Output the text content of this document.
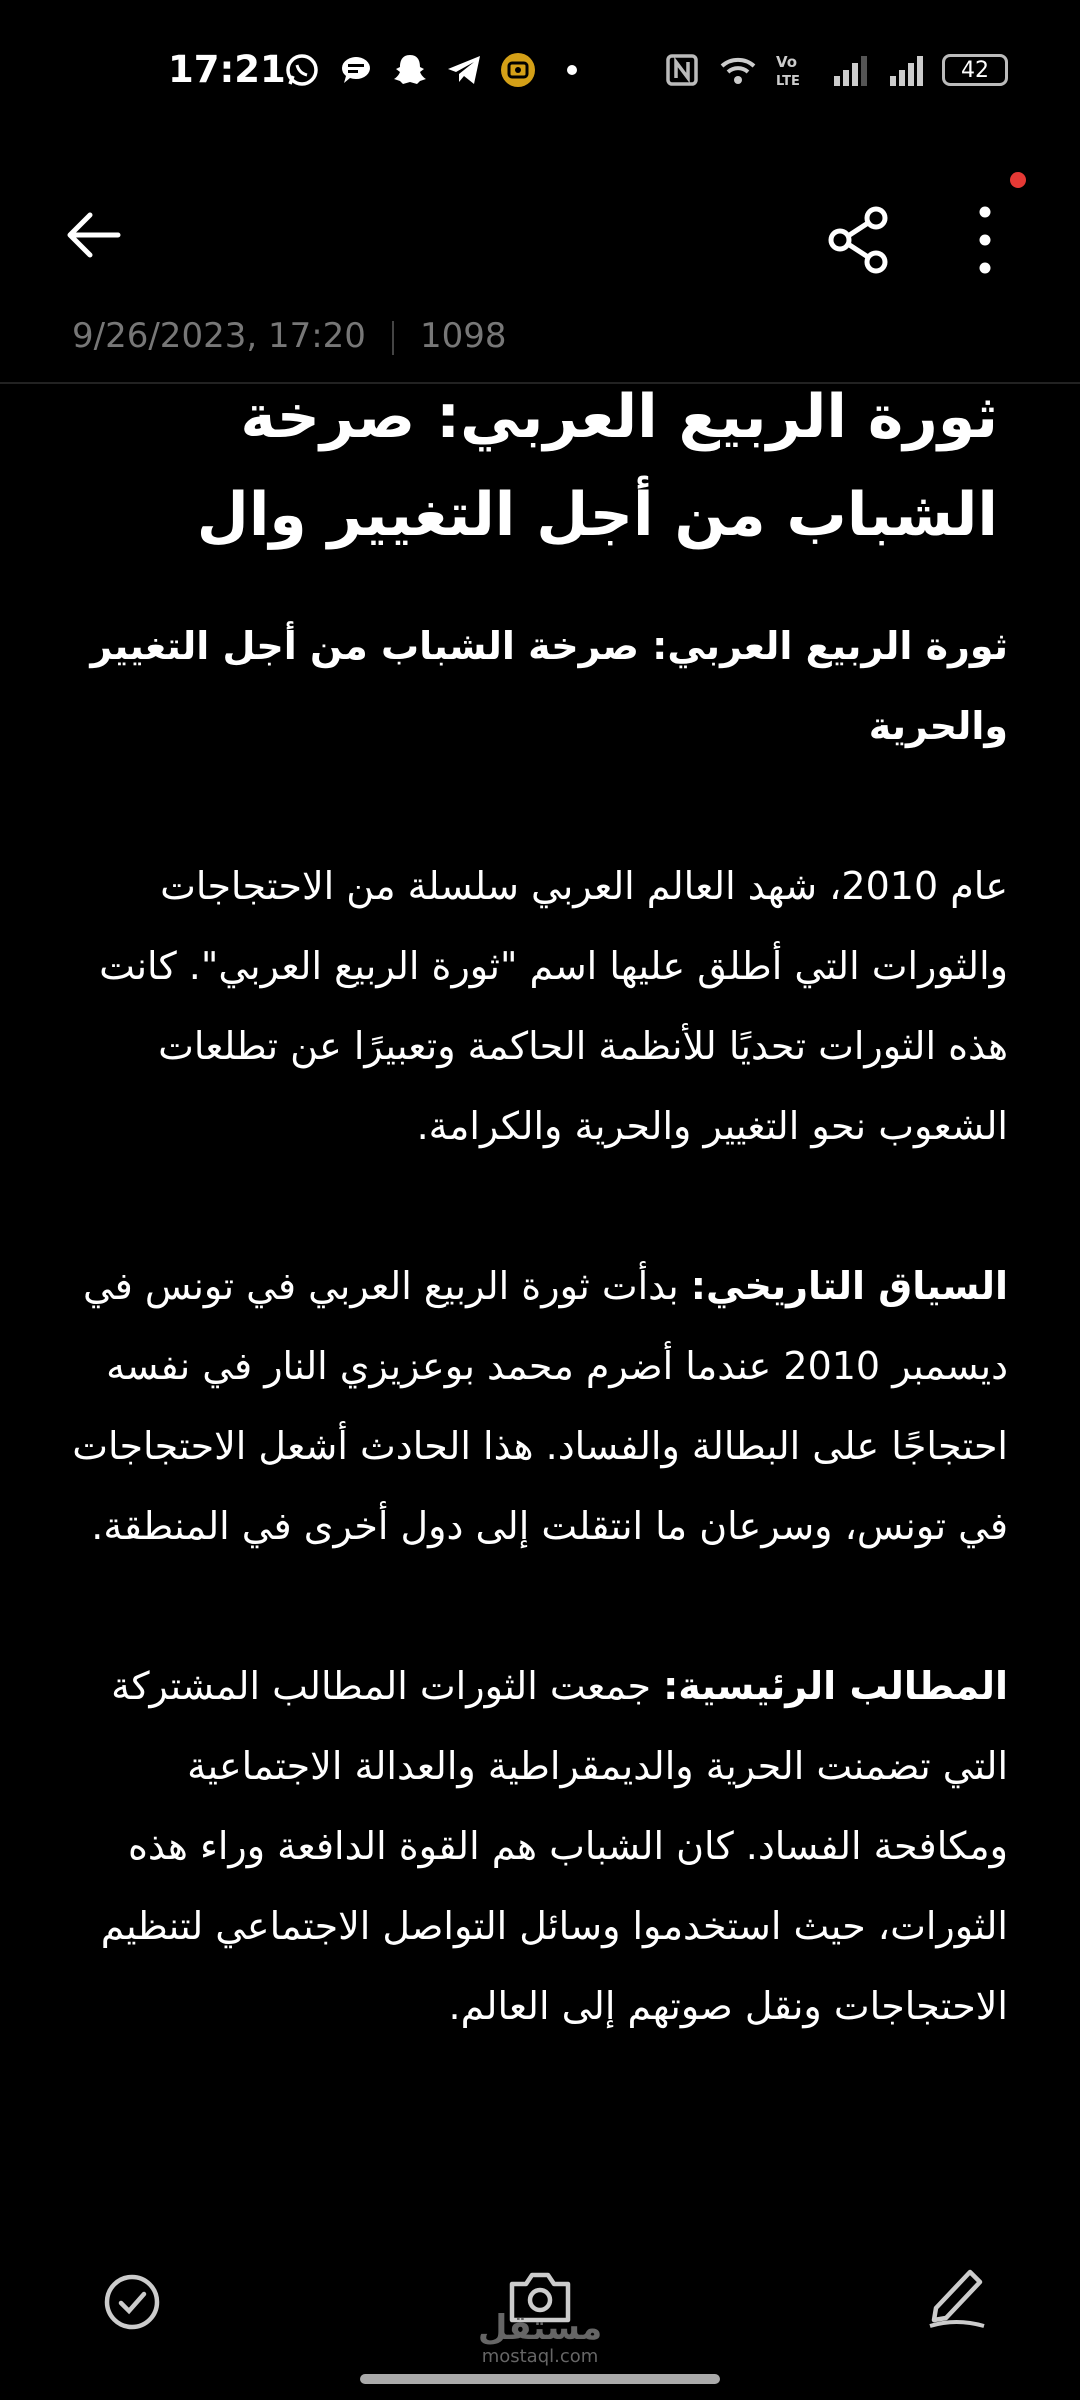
17:21	Vo
LTE	42
9/26/2023, 17:20 1098
ثورة الربيع العربي: صرخة الشباب من أجل التغيير وال

ثورة الربيع العربي: صرخة الشباب من أجل التغيير والحرية

عام 2010، شهد العالم العربي سلسلة من الاحتجاجات والثورات التي أطلق عليها اسم "ثورة الربيع العربي". كانت هذه الثورات تحديًا للأنظمة الحاكمة وتعبيرًا عن تطلعات الشعوب نحو التغيير والحرية والكرامة.

السياق التاريخي: بدأت ثورة الربيع العربي في تونس في ديسمبر 2010 عندما أضرم محمد بوعزيزي النار في نفسه احتجاجًا على البطالة والفساد. هذا الحادث أشعل الاحتجاجات في تونس، وسرعان ما انتقلت إلى دول أخرى في المنطقة.

المطالب الرئيسية: جمعت الثورات المطالب المشتركة التي تضمنت الحرية والديمقراطية والعدالة الاجتماعية ومكافحة الفساد. كان الشباب هم القوة الدافعة وراء هذه الثورات، حيث استخدموا وسائل التواصل الاجتماعي لتنظيم الاحتجاجات ونقل صوتهم إلى العالم.

مستقل
mostaql.com
